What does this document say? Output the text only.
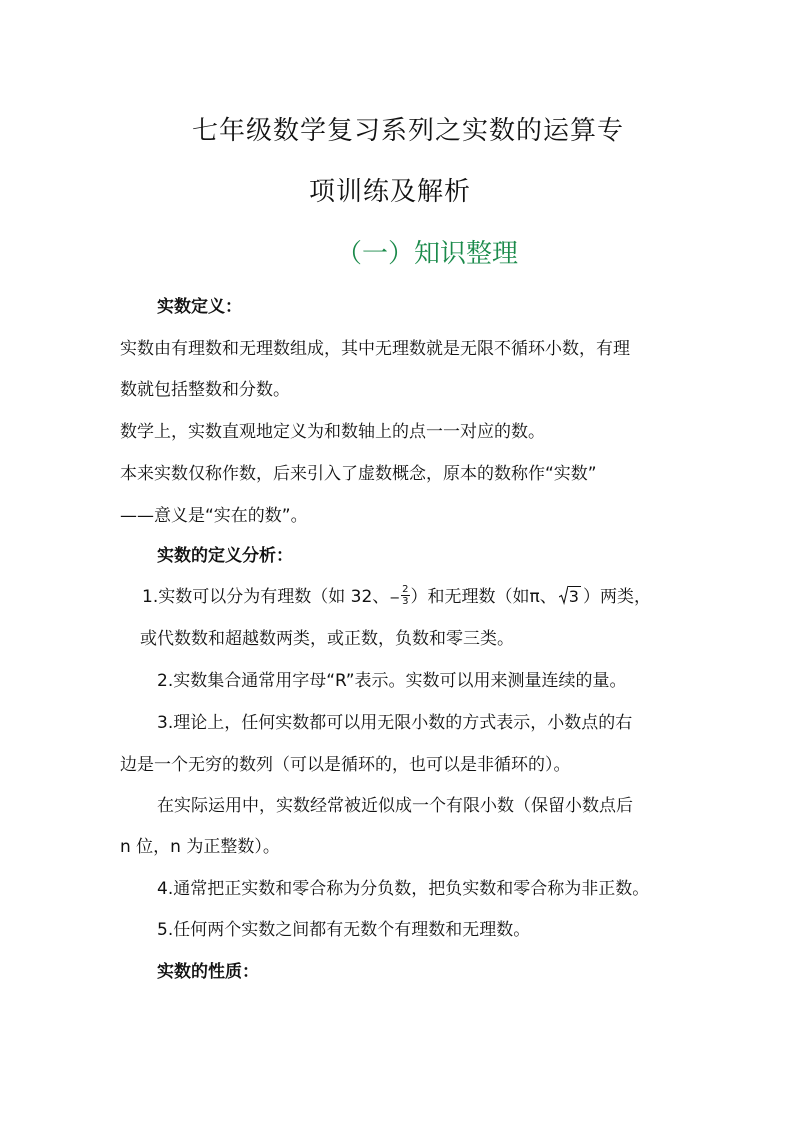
七年级数学复习系列之实数的运算专
项训练及解析
（一）知识整理
实数定义：
实数由有理数和无理数组成，其中无理数就是无限不循环小数，有理
数就包括整数和分数。
数学上，实数直观地定义为和数轴上的点一一对应的数。
本来实数仅称作数，后来引入了虚数概念，原本的数称作“实数”
——意义是“实在的数”。
实数的定义分析：
1.实数可以分为有理数（如 32、− $\frac{2}{3}$ ）和无理数（如π、 3 ）两类，
或代数数和超越数两类，或正数，负数和零三类。
2.实数集合通常用字母“R”表示。实数可以用来测量连续的量。
3.理论上，任何实数都可以用无限小数的方式表示，小数点的右
边是一个无穷的数列（可以是循环的，也可以是非循环的）。
在实际运用中，实数经常被近似成一个有限小数（保留小数点后
n 位，n 为正整数）。
4.通常把正实数和零合称为分负数，把负实数和零合称为非正数。
5.任何两个实数之间都有无数个有理数和无理数。
实数的性质：
